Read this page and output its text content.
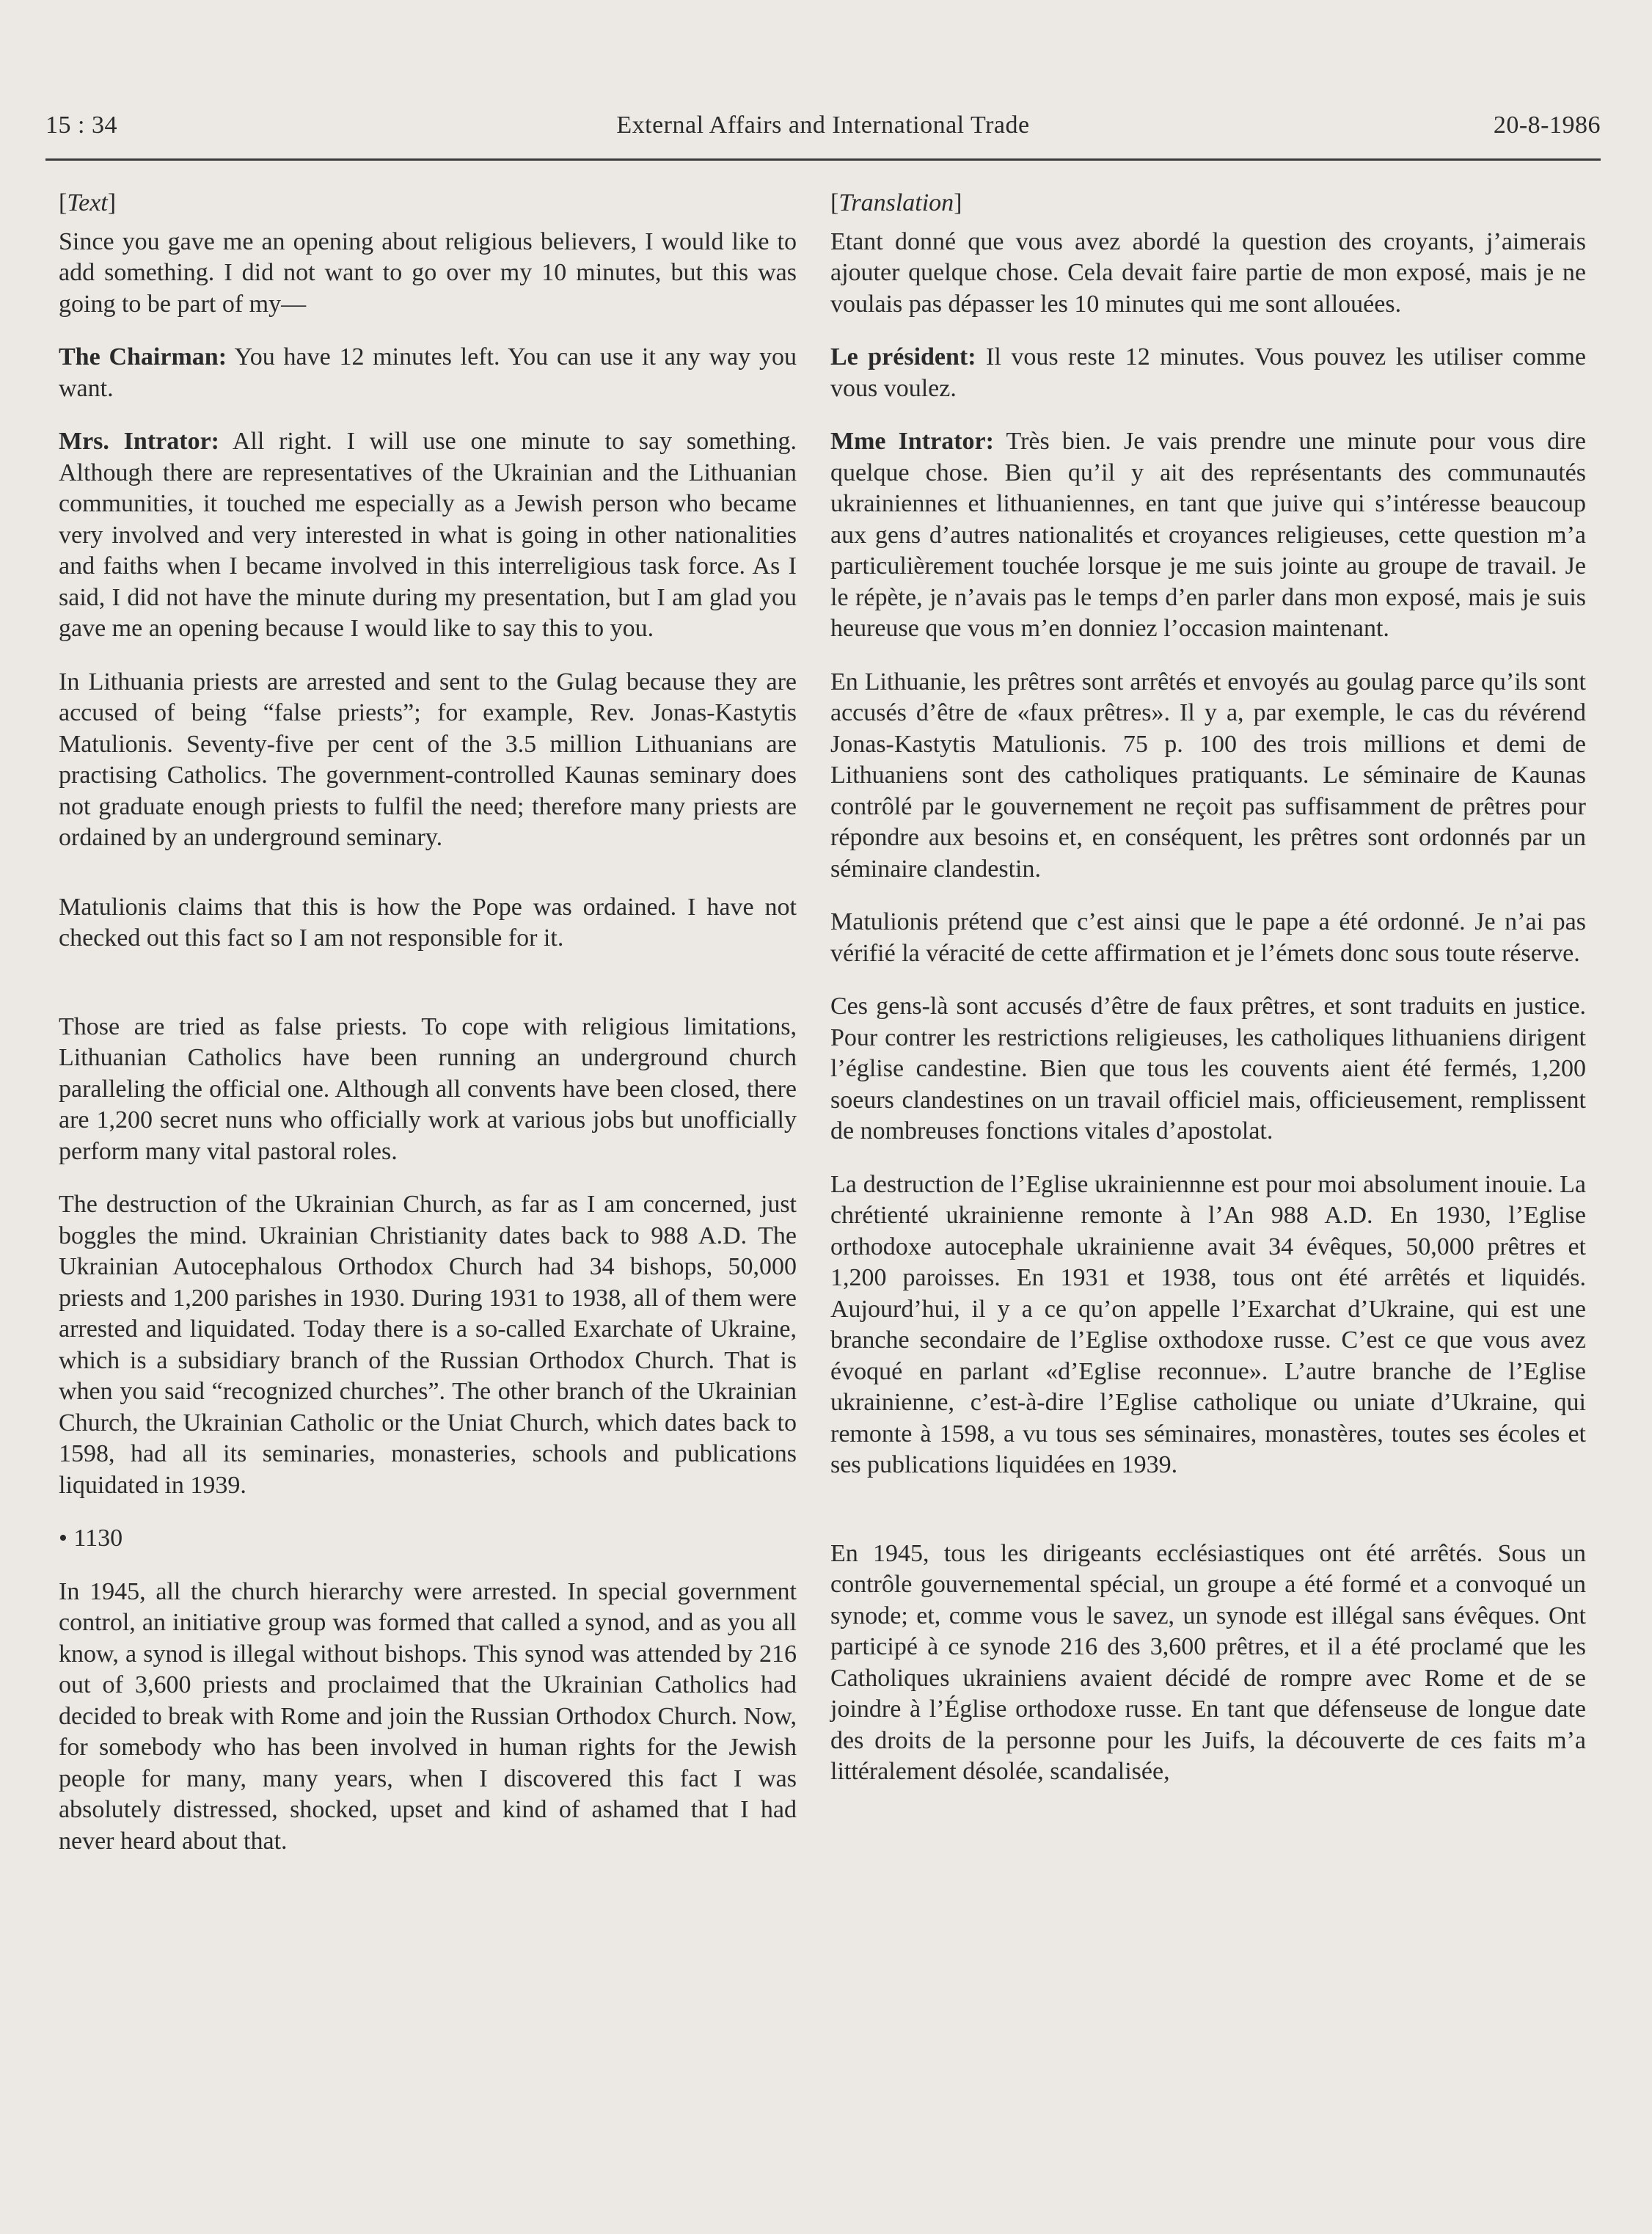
15 : 34	External Affairs and International Trade	20-8-1986

[Text]

Since you gave me an opening about religious believers, I would like to add something. I did not want to go over my 10 minutes, but this was going to be part of my—

The Chairman: You have 12 minutes left. You can use it any way you want.

Mrs. Intrator: All right. I will use one minute to say something. Although there are representatives of the Ukrainian and the Lithuanian communities, it touched me especially as a Jewish person who became very involved and very interested in what is going in other nationalities and faiths when I became involved in this interreligious task force. As I said, I did not have the minute during my presentation, but I am glad you gave me an opening because I would like to say this to you.

In Lithuania priests are arrested and sent to the Gulag because they are accused of being “false priests”; for example, Rev. Jonas-Kastytis Matulionis. Seventy-five per cent of the 3.5 million Lithuanians are practising Catholics. The government-controlled Kaunas seminary does not graduate enough priests to fulfil the need; therefore many priests are ordained by an underground seminary.

Matulionis claims that this is how the Pope was ordained. I have not checked out this fact so I am not responsible for it.

Those are tried as false priests. To cope with religious limitations, Lithuanian Catholics have been running an underground church paralleling the official one. Although all convents have been closed, there are 1,200 secret nuns who officially work at various jobs but unofficially perform many vital pastoral roles.

The destruction of the Ukrainian Church, as far as I am concerned, just boggles the mind. Ukrainian Christianity dates back to 988 A.D. The Ukrainian Autocephalous Orthodox Church had 34 bishops, 50,000 priests and 1,200 parishes in 1930. During 1931 to 1938, all of them were arrested and liquidated. Today there is a so-called Exarchate of Ukraine, which is a subsidiary branch of the Russian Orthodox Church. That is when you said “recognized churches”. The other branch of the Ukrainian Church, the Ukrainian Catholic or the Uniat Church, which dates back to 1598, had all its seminaries, monasteries, schools and publications liquidated in 1939.

• 1130

In 1945, all the church hierarchy were arrested. In special government control, an initiative group was formed that called a synod, and as you all know, a synod is illegal without bishops. This synod was attended by 216 out of 3,600 priests and proclaimed that the Ukrainian Catholics had decided to break with Rome and join the Russian Orthodox Church. Now, for somebody who has been involved in human rights for the Jewish people for many, many years, when I discovered this fact I was absolutely distressed, shocked, upset and kind of ashamed that I had never heard about that.

[Translation]

Etant donné que vous avez abordé la question des croyants, j’aimerais ajouter quelque chose. Cela devait faire partie de mon exposé, mais je ne voulais pas dépasser les 10 minutes qui me sont allouées.

Le président: Il vous reste 12 minutes. Vous pouvez les utiliser comme vous voulez.

Mme Intrator: Très bien. Je vais prendre une minute pour vous dire quelque chose. Bien qu’il y ait des représentants des communautés ukrainiennes et lithuaniennes, en tant que juive qui s’intéresse beaucoup aux gens d’autres nationalités et croyances religieuses, cette question m’a particulièrement touchée lorsque je me suis jointe au groupe de travail. Je le répète, je n’avais pas le temps d’en parler dans mon exposé, mais je suis heureuse que vous m’en donniez l’occasion maintenant.

En Lithuanie, les prêtres sont arrêtés et envoyés au goulag parce qu’ils sont accusés d’être de «faux prêtres». Il y a, par exemple, le cas du révérend Jonas-Kastytis Matulionis. 75 p. 100 des trois millions et demi de Lithuaniens sont des catholiques pratiquants. Le séminaire de Kaunas contrôlé par le gouvernement ne reçoit pas suffisamment de prêtres pour répondre aux besoins et, en conséquent, les prêtres sont ordonnés par un séminaire clandestin.

Matulionis prétend que c’est ainsi que le pape a été ordonné. Je n’ai pas vérifié la véracité de cette affirmation et je l’émets donc sous toute réserve.

Ces gens-là sont accusés d’être de faux prêtres, et sont traduits en justice. Pour contrer les restrictions religieuses, les catholiques lithuaniens dirigent l’église candestine. Bien que tous les couvents aient été fermés, 1,200 soeurs clandestines on un travail officiel mais, officieusement, remplissent de nombreuses fonctions vitales d’apostolat.

La destruction de l’Eglise ukrainiennne est pour moi absolument inouie. La chrétienté ukrainienne remonte à l’An 988 A.D. En 1930, l’Eglise orthodoxe autocephale ukrainienne avait 34 évêques, 50,000 prêtres et 1,200 paroisses. En 1931 et 1938, tous ont été arrêtés et liquidés. Aujourd’hui, il y a ce qu’on appelle l’Exarchat d’Ukraine, qui est une branche secondaire de l’Eglise oxthodoxe russe. C’est ce que vous avez évoqué en parlant «d’Eglise reconnue». L’autre branche de l’Eglise ukrainienne, c’est-à-dire l’Eglise catholique ou uniate d’Ukraine, qui remonte à 1598, a vu tous ses séminaires, monastères, toutes ses écoles et ses publications liquidées en 1939.

En 1945, tous les dirigeants ecclésiastiques ont été arrêtés. Sous un contrôle gouvernemental spécial, un groupe a été formé et a convoqué un synode; et, comme vous le savez, un synode est illégal sans évêques. Ont participé à ce synode 216 des 3,600 prêtres, et il a été proclamé que les Catholiques ukrainiens avaient décidé de rompre avec Rome et de se joindre à l’Église orthodoxe russe. En tant que défenseuse de longue date des droits de la personne pour les Juifs, la découverte de ces faits m’a littéralement désolée, scandalisée,
